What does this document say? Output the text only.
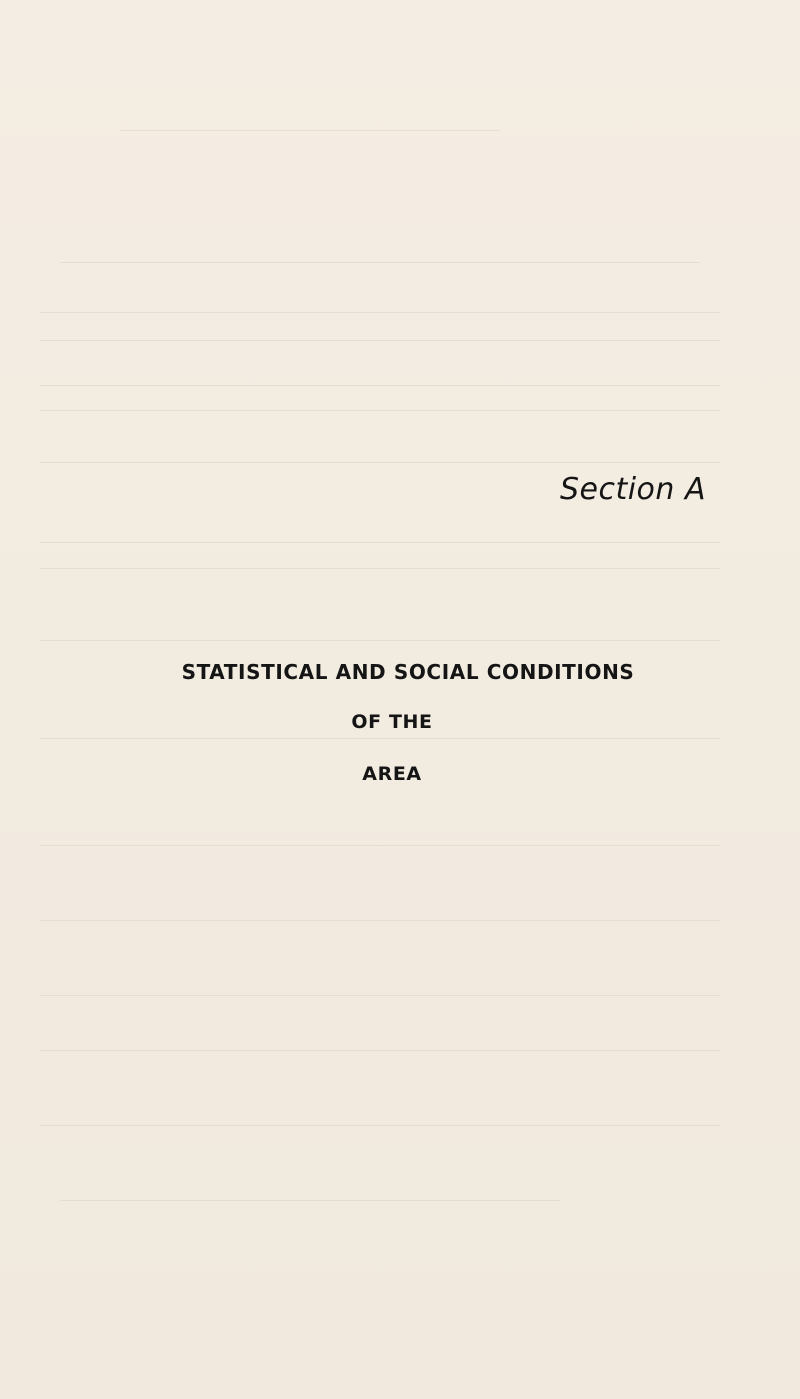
Section A
STATISTICAL AND SOCIAL CONDITIONS
OF THE
AREA
